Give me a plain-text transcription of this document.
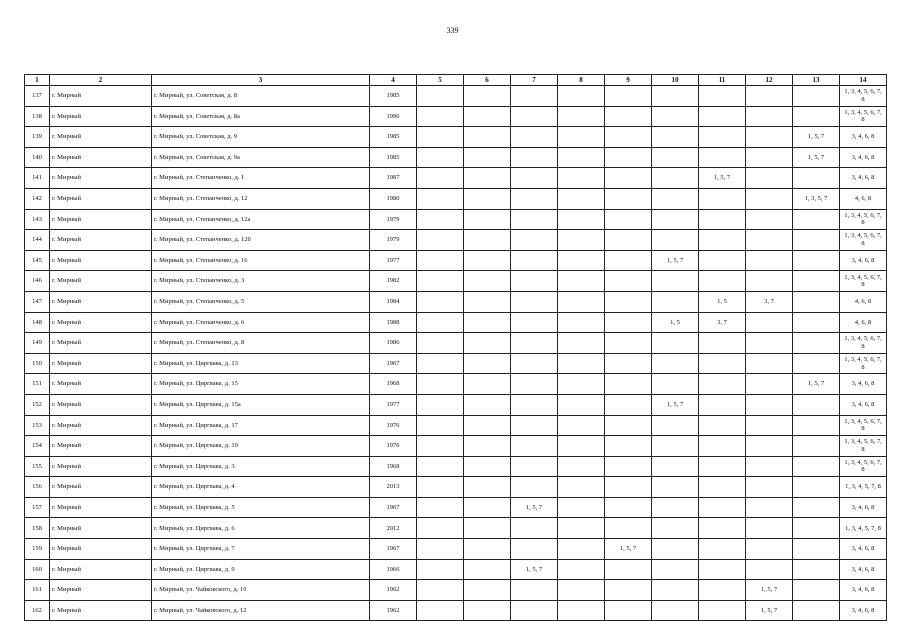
339
1	2	3	4	5	6	7	8	9	10	11	12	13	14
137	г. Мирный	г. Мирный, ул. Советская, д. 8	1985										1, 3, 4, 5, 6, 7, 8
138	г. Мирный	г. Мирный, ул. Советская, д. 8а	1996										1, 3, 4, 5, 6, 7, 8
139	г. Мирный	г. Мирный, ул. Советская, д. 9	1985									1, 5, 7	3, 4, 6, 8
140	г. Мирный	г. Мирный, ул. Советская, д. 9а	1985									1, 5, 7	3, 4, 6, 8
141	г. Мирный	г. Мирный, ул. Степанченко, д. 1	1987							1, 5, 7			3, 4, 6, 8
142	г. Мирный	г. Мирный, ул. Степанченко, д. 12	1980									1, 3, 5, 7	4, 6, 8
143	г. Мирный	г. Мирный, ул. Степанченко, д. 12а	1979										1, 3, 4, 5, 6, 7, 8
144	г. Мирный	г. Мирный, ул. Степанченко, д. 12б	1979										1, 3, 4, 5, 6, 7, 8
145	г. Мирный	г. Мирный, ул. Степанченко, д. 16	1977						1, 5, 7				3, 4, 6, 8
146	г. Мирный	г. Мирный, ул. Степанченко, д. 3	1982										1, 3, 4, 5, 6, 7, 8
147	г. Мирный	г. Мирный, ул. Степанченко, д. 5	1984							1, 5	3, 7		4, 6, 8
148	г. Мирный	г. Мирный, ул. Степанченко, д. 6	1988						1, 5	3, 7			4, 6, 8
149	г. Мирный	г. Мирный, ул. Степанченко, д. 8	1986										1, 3, 4, 5, 6, 7, 8
150	г. Мирный	г. Мирный, ул. Циргвава, д. 13	1967										1, 3, 4, 5, 6, 7, 8
151	г. Мирный	г. Мирный, ул. Циргвава, д. 15	1968									1, 5, 7	3, 4, 6, 8
152	г. Мирный	г. Мирный, ул. Циргвава, д. 15а	1977						1, 5, 7				3, 4, 6, 8
153	г. Мирный	г. Мирный, ул. Циргвава, д. 17	1976										1, 3, 4, 5, 6, 7, 8
154	г. Мирный	г. Мирный, ул. Циргвава, д. 19	1976										1, 3, 4, 5, 6, 7, 8
155	г. Мирный	г. Мирный, ул. Циргвава, д. 3	1968										1, 3, 4, 5, 6, 7, 8
156	г. Мирный	г. Мирный, ул. Циргвава, д. 4	2013										1, 3, 4, 5, 7, 8
157	г. Мирный	г. Мирный, ул. Циргвава, д. 5	1967			1, 5, 7							3, 4, 6, 8
158	г. Мирный	г. Мирный, ул. Циргвава, д. 6	2012										1, 3, 4, 5, 7, 8
159	г. Мирный	г. Мирный, ул. Циргвава, д. 7	1967					1, 5, 7					3, 4, 6, 8
160	г. Мирный	г. Мирный, ул. Циргвава, д. 9	1966			1, 5, 7							3, 4, 6, 8
161	г. Мирный	г. Мирный, ул. Чайковского, д. 10	1962								1, 5, 7		3, 4, 6, 8
162	г. Мирный	г. Мирный, ул. Чайковского, д. 12	1962								1, 5, 7		3, 4, 6, 8
